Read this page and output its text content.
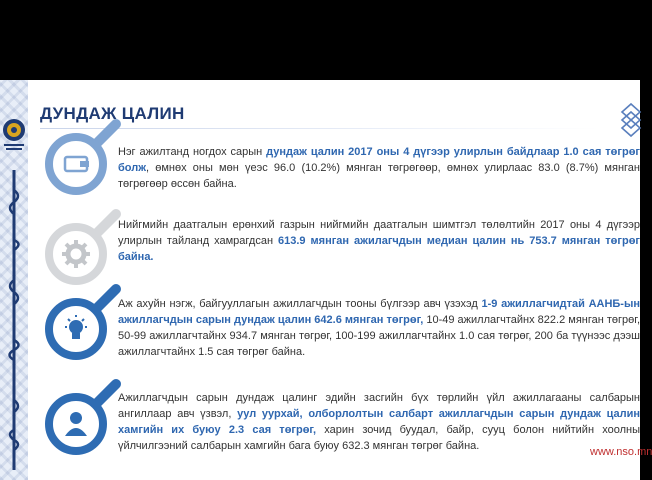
ДУНДАЖ ЦАЛИН
Нэг ажилтанд ногдох сарын дундаж цалин 2017 оны 4 дүгээр улирлын байдлаар 1.0 сая төгрөг болж, өмнөх оны мөн үеэс 96.0 (10.2%) мянган төгрөгөөр, өмнөх улирлаас 83.0 (8.7%) мянган төгрөгөөр өссөн байна.
Нийгмийн даатгалын ерөнхий газрын нийгмийн даатгалын шимтгэл төлөлтийн 2017 оны 4 дүгээр улирлын тайланд хамрагдсан 613.9 мянган ажилагчдын медиан цалин нь 753.7 мянган төгрөг байна.
Аж ахуйн нэгж, байгууллагын ажиллагчдын тооны бүлгээр авч үзэхэд 1-9 ажиллагчидтай ААНБ-ын ажиллагчдын сарын дундаж цалин 642.6 мянган төгрөг, 10-49 ажиллагчтайнх 822.2 мянган төгрөг, 50-99 ажиллагчтайнх 934.7 мянган төгрөг, 100-199 ажиллагчтайнх 1.0 сая төгрөг, 200 ба түүнээс дээш ажиллагчтайнх 1.5 сая төгрөг байна.
Ажиллагчдын сарын дундаж цалинг эдийн засгийн бүх төрлийн үйл ажиллагааны салбарын ангиллаар авч үзвэл, уул уурхай, олборлолтын салбарт ажиллагчдын сарын дундаж цалин хамгийн их буюу 2.3 сая төгрөг, харин зочид буудал, байр, сууц болон нийтийн хоолны үйлчилгээний салбарын хамгийн бага буюу 632.3 мянган төгрөг байна.	www.nso.mn
